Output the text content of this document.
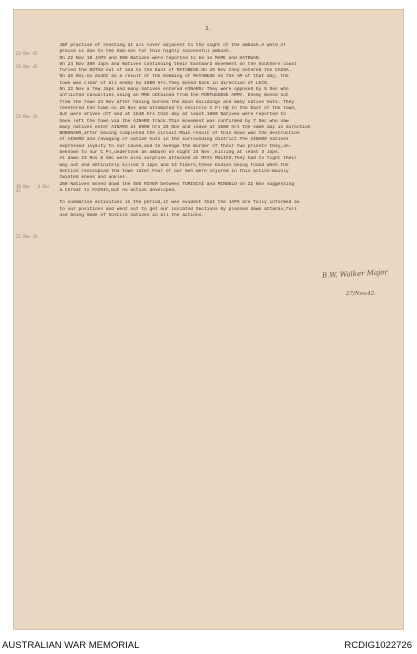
2.
23 Nov 42
24 Nov 42
23 Nov 42
29 Nov - 4 Dec 42
22 Nov 42
J&P practise of shooting at all cover adjacent to the sight of the ambush.A word of
praise is due to the Sub-sec for this highly successful ambush.
On 22 Nov 10 JAPS and 500 Natives were reported to be in MAPE and HATBUAN.
On 24 Nov 300 Japs and Natives continuing their Eastward movement on the Southern coast
forced the DUTCH out of and to the East of MATABESE.On 25 Nov they entered the CASSA.
On 26 Nov.no doubt as a result of the bombing of MATABESE on the AM of that day, the
town was clear of all enemy by 1500 hrs.They moved back in direction of LECO.
On 22 Nov a few Japs and many natives entered AINARO/ They were opposed by 9 Sec who
inflicted casualties using an MMG obtained from the PORTUGUESE ARMY. Enemy moved out
from the town 24 Nov after having burned the main buildings and many native huts. They
reentered the town on 25 Nov and attempted to encircle C Pl HQ to the East of the town,
but were driven off and at 1540 hrs that day at least 1000 Natives were reported to
have left the town via the AINARO track.This movement was confirmed by 7 Sec who saw
many natives enter AINARO at 0900 hrs 25 Nov and leave at 1600 hrs the same day in direction
BOBONARO,after having completed the circuit.Main result of this move was the destruction
of AINARO and ravaging of native huts in the surrounding district.The AINARO natives
expressed loyalty to our cause,and to avenge the murder of their two priests they,un-
beknown to our C Pl,undertook an ambush on night 24 Nov ,killing at least 3 Japs.
At dawn 23 Nov 8 Sec were also surprise attacked at MATA MULICO.They had to fight their
way out and definitely killed 2 Japs and 13 Timors,these bodies being found when the
Section reoccupied the town later.Four of our men were injured in this action-mainly
twisted knees and ankles.
250 Natives moved down the SUE RIVER between TURISCAI and MINDELO on 22 Nov suggesting
a threat to FAINIA,but no action developed.
To summarise activities in the period,it was evident that the JAPS are fully informed as
to our positions and went out to get our isolated Sections by planned dawn attacks,full
use being made of hostile natives in all the actions.
B.W. Walker Major
27/Nov.42.
AUSTRALIAN WAR MEMORIAL	RCDIG1022726
